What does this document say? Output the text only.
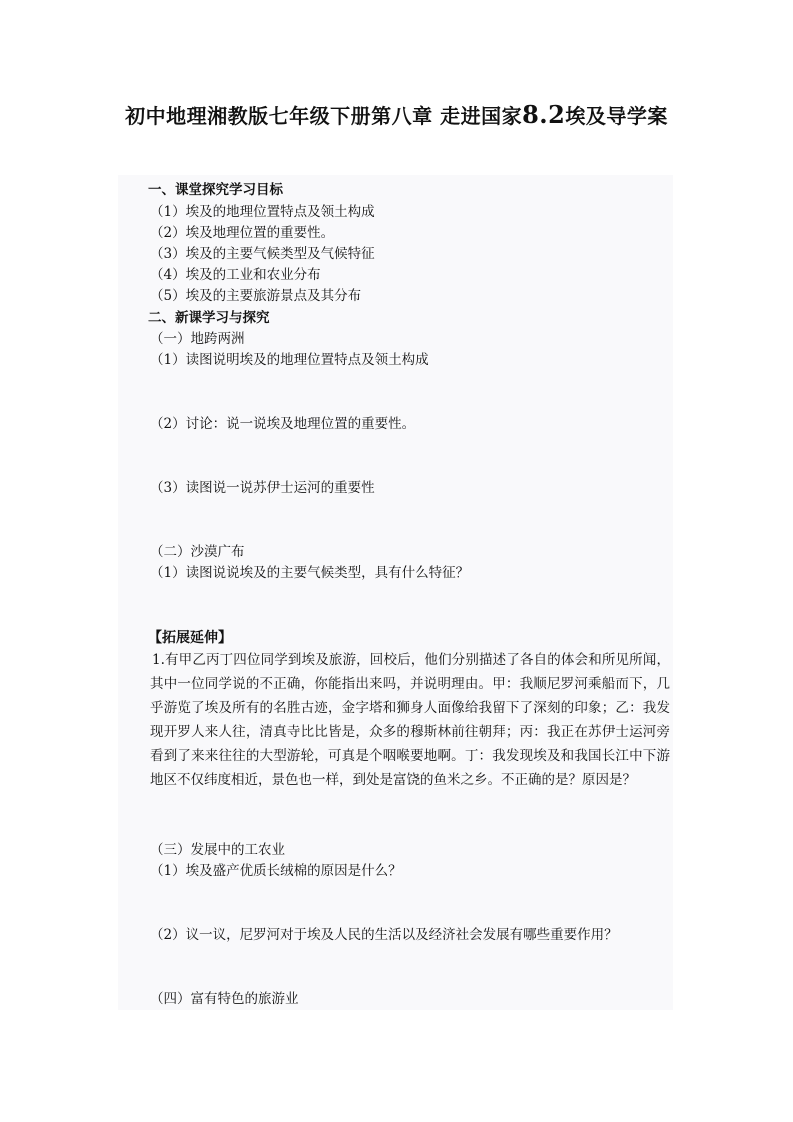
初中地理湘教版七年级下册第八章 走进国家8.2埃及导学案
一、课堂探究学习目标
（1）埃及的地理位置特点及领土构成
（2）埃及地理位置的重要性。
（3）埃及的主要气候类型及气候特征
（4）埃及的工业和农业分布
（5）埃及的主要旅游景点及其分布
二、新课学习与探究
（一）地跨两洲
（1）读图说明埃及的地理位置特点及领土构成
（2）讨论：说一说埃及地理位置的重要性。
（3）读图说一说苏伊士运河的重要性
（二）沙漠广布
（1）读图说说埃及的主要气候类型，具有什么特征？
【拓展延伸】
1.有甲乙丙丁四位同学到埃及旅游，回校后，他们分别描述了各自的体会和所见所闻，其中一位同学说的不正确，你能指出来吗，并说明理由。甲：我顺尼罗河乘船而下，几乎游览了埃及所有的名胜古迹，金字塔和狮身人面像给我留下了深刻的印象；乙：我发现开罗人来人往，清真寺比比皆是，众多的穆斯林前往朝拜；丙：我正在苏伊士运河旁看到了来来往往的大型游轮，可真是个咽喉要地啊。丁：我发现埃及和我国长江中下游地区不仅纬度相近，景色也一样，到处是富饶的鱼米之乡。不正确的是？原因是？
（三）发展中的工农业
（1）埃及盛产优质长绒棉的原因是什么？
（2）议一议，尼罗河对于埃及人民的生活以及经济社会发展有哪些重要作用？
（四）富有特色的旅游业
